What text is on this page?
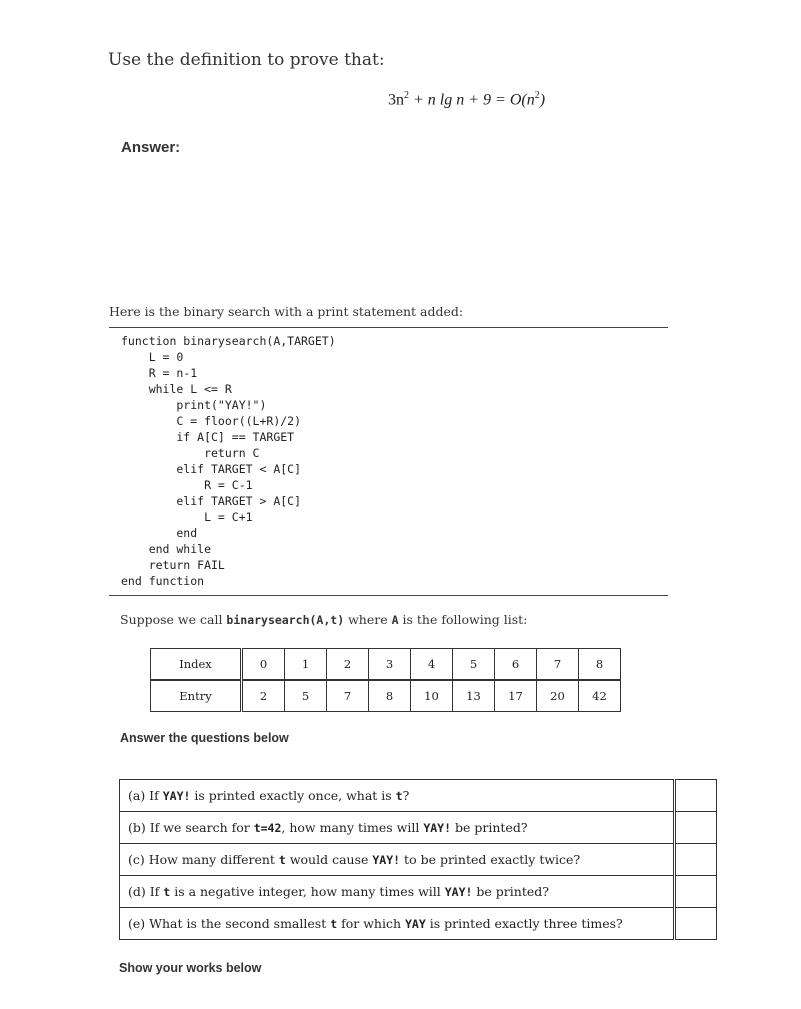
Use the definition to prove that:
$3n^2 + n$ $\lg n + 9 = O(n^2)$
Answer:
Here is the binary search with a print statement added:
function binarysearch(A,TARGET)
L = 0
R = n-1
while L <= R
print("YAY!")
C = floor((L+R)/2)
if A[C] == TARGET
return C
elif TARGET < A[C]
R = C-1
elif TARGET > A[C]
L = C+1
end
end while
return FAIL
end function
Suppose we call binarysearch(A,t) where A is the following list:
Index	0	1	2	3	4	5	6	7	8
Entry	2	5	7	8	10	13	17	20	42
Answer the questions below
(a) If YAY! is printed exactly once, what is t?	
(b) If we search for t=42, how many times will YAY! be printed?	
(c) How many different t would cause YAY! to be printed exactly twice?	
(d) If t is a negative integer, how many times will YAY! be printed?	
(e) What is the second smallest t for which YAY is printed exactly three times?	
Show your works below
